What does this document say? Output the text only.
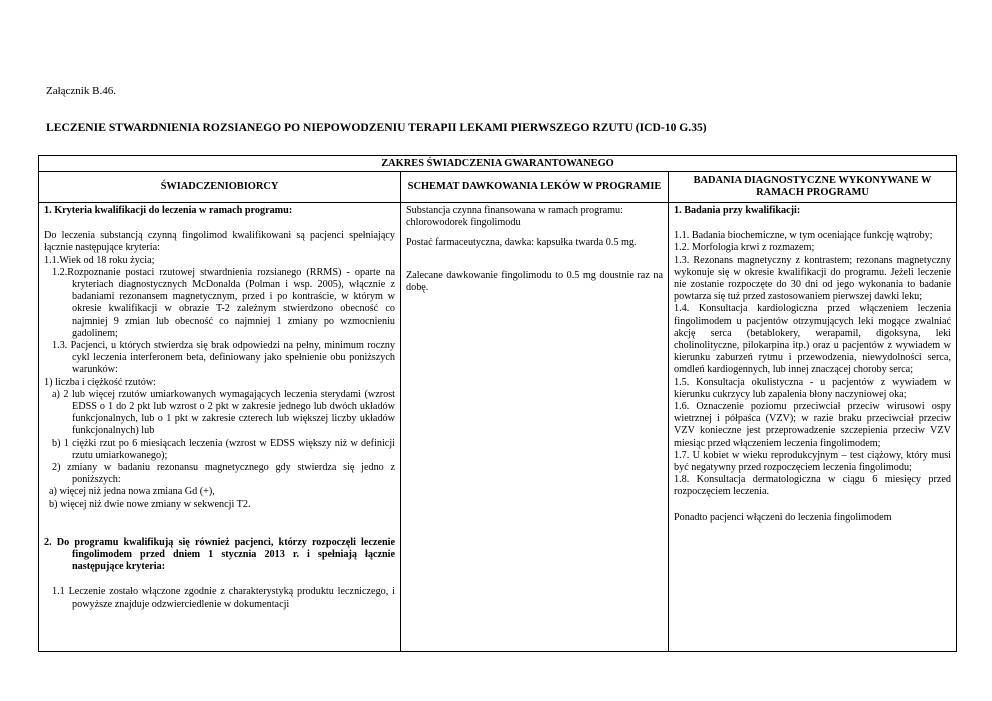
Załącznik B.46.
LECZENIE STWARDNIENIA ROZSIANEGO PO NIEPOWODZENIU TERAPII LEKAMI PIERWSZEGO RZUTU (ICD-10 G.35)
ZAKRES ŚWIADCZENIA GWARANTOWANEGO
ŚWIADCZENIOBIORCY

1. Kryteria kwalifikacji do leczenia w ramach programu:

Do leczenia substancją czynną fingolimod kwalifikowani są pacjenci spełniający łącznie następujące kryteria:

1.1.Wiek od 18 roku życia;

1.2.Rozpoznanie postaci rzutowej stwardnienia rozsianego (RRMS) - oparte na kryteriach diagnostycznych McDonalda (Polman i wsp. 2005), włącznie z badaniami rezonansem magnetycznym, przed i po kontraście, w którym w okresie kwalifikacji w obrazie T-2 zależnym stwierdzono obecność co najmniej 9 zmian lub obecność co najmniej 1 zmiany po wzmocnieniu gadolinem;

1.3. Pacjenci, u których stwierdza się brak odpowiedzi na pełny, minimum roczny cykl leczenia interferonem beta, definiowany jako spełnienie obu poniższych warunków:

1) liczba i ciężkość rzutów:

a) 2 lub więcej rzutów umiarkowanych wymagających leczenia sterydami (wzrost EDSS o 1 do 2 pkt lub wzrost o 2 pkt w zakresie jednego lub dwóch układów funkcjonalnych, lub o 1 pkt w zakresie czterech lub większej liczby układów funkcjonalnych) lub

b) 1 ciężki rzut po 6 miesiącach leczenia (wzrost w EDSS większy niż w definicji rzutu umiarkowanego);

2) zmiany w badaniu rezonansu magnetycznego gdy stwierdza się jedno z poniższych:

a) więcej niż jedna nowa zmiana Gd (+),

b) więcej niż dwie nowe zmiany w sekwencji T2.

2. Do programu kwalifikują się również pacjenci, którzy rozpoczęli leczenie fingolimodem przed dniem 1 stycznia 2013 r. i spełniają łącznie następujące kryteria:

1.1 Leczenie zostało włączone zgodnie z charakterystyką produktu leczniczego, i powyższe znajduje odzwierciedlenie w dokumentacji

SCHEMAT DAWKOWANIA LEKÓW W PROGRAMIE

Substancja czynna finansowana w ramach programu: chlorowodorek fingolimodu

Postać farmaceutyczna, dawka: kapsułka twarda 0.5 mg.

Zalecane dawkowanie fingolimodu to 0.5 mg doustnie raz na dobę.

BADANIA DIAGNOSTYCZNE WYKONYWANE W RAMACH PROGRAMU

1. Badania przy kwalifikacji:

1.1. Badania biochemiczne, w tym oceniające funkcję wątroby;

1.2. Morfologia krwi z rozmazem;

1.3. Rezonans magnetyczny z kontrastem; rezonans magnetyczny wykonuje się w okresie kwalifikacji do programu. Jeżeli leczenie nie zostanie rozpoczęte do 30 dni od jego wykonania to badanie powtarza się tuż przed zastosowaniem pierwszej dawki leku;

1.4. Konsultacja kardiologiczna przed włączeniem leczenia fingolimodem u pacjentów otrzymujących leki mogące zwalniać akcję serca (betablokery, werapamil, digoksyna, leki cholinolityczne, pilokarpina itp.) oraz u pacjentów z wywiadem w kierunku zaburzeń rytmu i przewodzenia, niewydolności serca, omdleń kardiogennych, lub innej znaczącej choroby serca;

1.5. Konsultacja okulistyczna - u pacjentów z wywiadem w kierunku cukrzycy lub zapalenia błony naczyniowej oka;

1.6. Oznaczenie poziomu przeciwciał przeciw wirusowi ospy wietrznej i półpaśca (VZV); w razie braku przeciwciał przeciw VZV konieczne jest przeprowadzenie szczepienia przeciw VZV miesiąc przed włączeniem leczenia fingolimodem;

1.7. U kobiet w wieku reprodukcyjnym – test ciążowy, który musi być negatywny przed rozpoczęciem leczenia fingolimodu;

1.8. Konsultacja dermatologiczna w ciągu 6 miesięcy przed rozpoczęciem leczenia.

Ponadto pacjenci włączeni do leczenia fingolimodem
